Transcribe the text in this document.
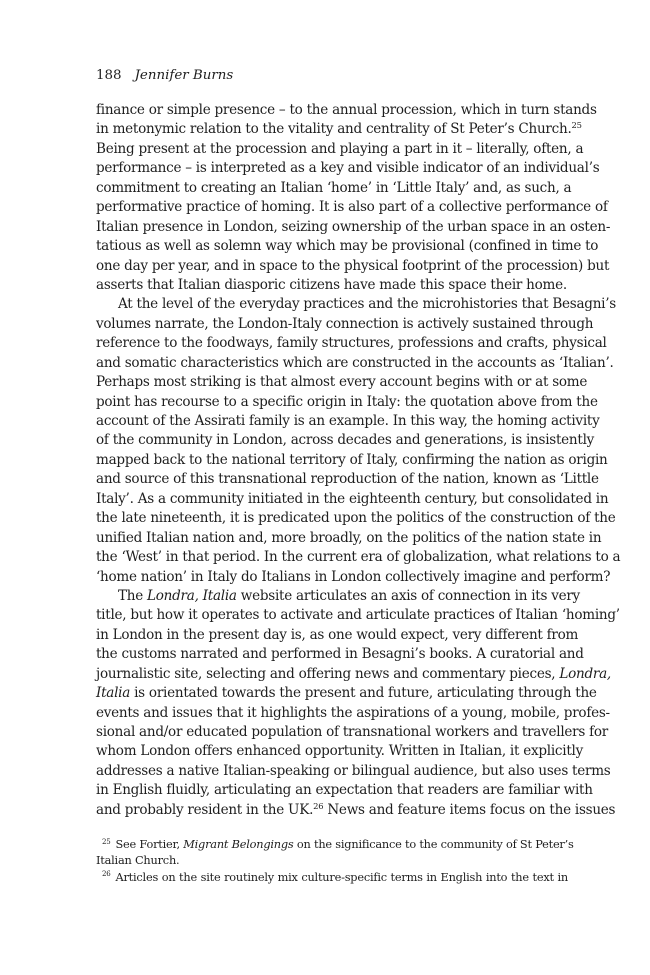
188 Jennifer Burns
finance or simple presence – to the annual procession, which in turn stands
in metonymic relation to the vitality and centrality of St Peter’s Church.$^{25}$
Being present at the procession and playing a part in it – literally, often, a
performance – is interpreted as a key and visible indicator of an individual’s
commitment to creating an Italian ‘home’ in ‘Little Italy’ and, as such, a
performative practice of homing. It is also part of a collective performance of
Italian presence in London, seizing ownership of the urban space in an osten-
tatious as well as solemn way which may be provisional (confined in time to
one day per year, and in space to the physical footprint of the procession) but
asserts that Italian diasporic citizens have made this space their home.
At the level of the everyday practices and the microhistories that Besagni’s
volumes narrate, the London-Italy connection is actively sustained through
reference to the foodways, family structures, professions and crafts, physical
and somatic characteristics which are constructed in the accounts as ‘Italian’.
Perhaps most striking is that almost every account begins with or at some
point has recourse to a specific origin in Italy: the quotation above from the
account of the Assirati family is an example. In this way, the homing activity
of the community in London, across decades and generations, is insistently
mapped back to the national territory of Italy, confirming the nation as origin
and source of this transnational reproduction of the nation, known as ‘Little
Italy’. As a community initiated in the eighteenth century, but consolidated in
the late nineteenth, it is predicated upon the politics of the construction of the
unified Italian nation and, more broadly, on the politics of the nation state in
the ‘West’ in that period. In the current era of globalization, what relations to a
‘home nation’ in Italy do Italians in London collectively imagine and perform?
The Londra, Italia website articulates an axis of connection in its very
title, but how it operates to activate and articulate practices of Italian ‘homing’
in London in the present day is, as one would expect, very different from
the customs narrated and performed in Besagni’s books. A curatorial and
journalistic site, selecting and offering news and commentary pieces, Londra,
Italia is orientated towards the present and future, articulating through the
events and issues that it highlights the aspirations of a young, mobile, profes-
sional and/or educated population of transnational workers and travellers for
whom London offers enhanced opportunity. Written in Italian, it explicitly
addresses a native Italian-speaking or bilingual audience, but also uses terms
in English fluidly, articulating an expectation that readers are familiar with
and probably resident in the UK.$^{26}$ News and feature items focus on the issues
$^{25}$ See Fortier, Migrant Belongings on the significance to the community of St Peter’s
Italian Church.
$^{26}$ Articles on the site routinely mix culture-specific terms in English into the text in
